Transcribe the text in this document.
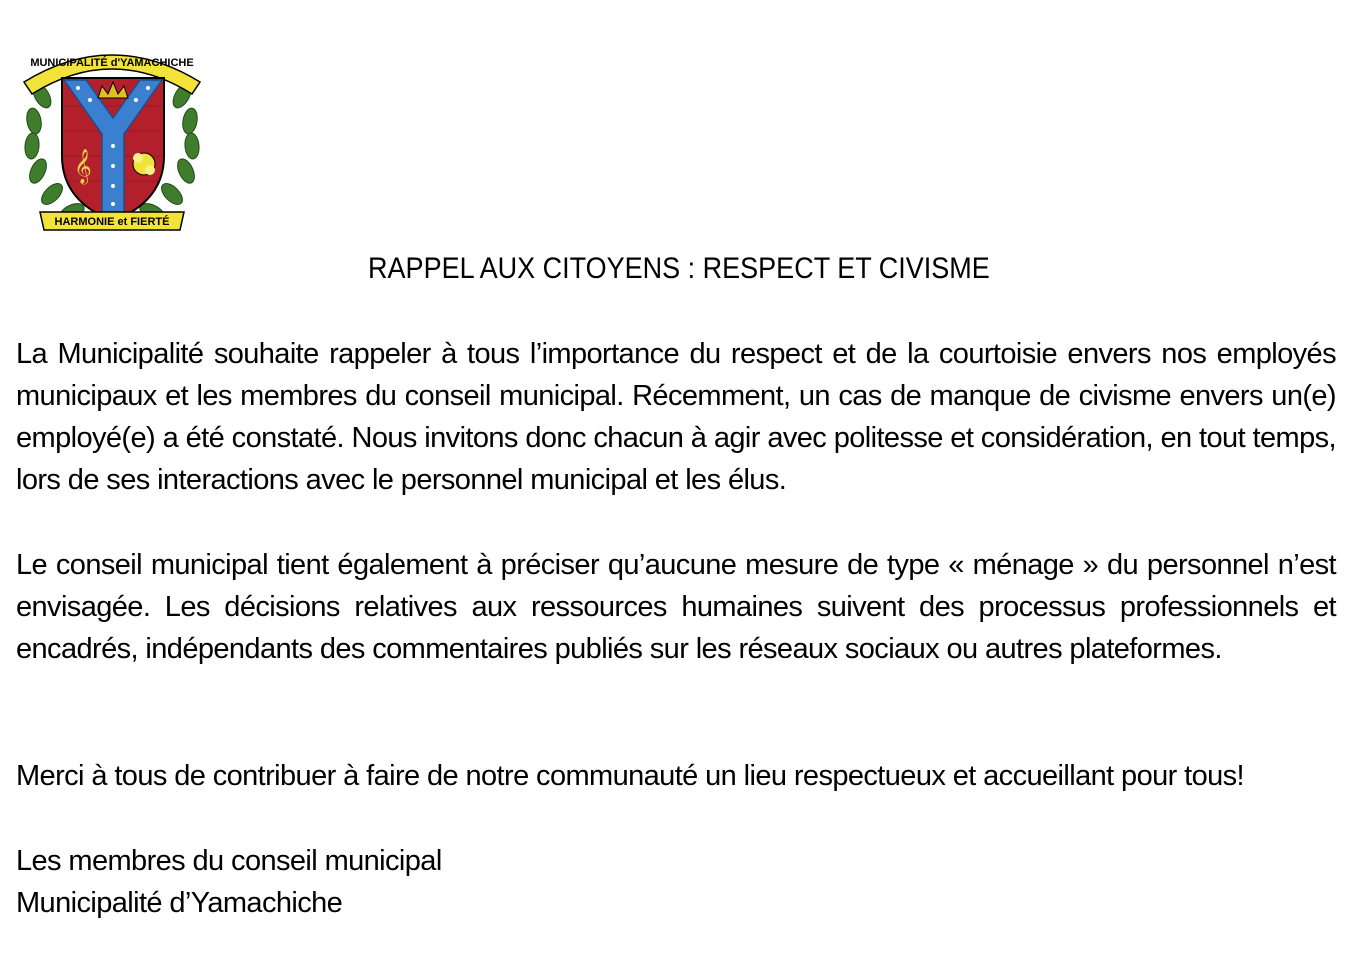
𝄞
MUNICIPALITÉ d'YAMACHICHE
HARMONIE et FIERTÉ
RAPPEL AUX CITOYENS : RESPECT ET CIVISME

La Municipalité souhaite rappeler à tous l’importance du respect et de la courtoisie envers nos employés municipaux et les membres du conseil municipal. Récemment, un cas de manque de civisme envers un(e) employé(e) a été constaté. Nous invitons donc chacun à agir avec politesse et considération, en tout temps, lors de ses interactions avec le personnel municipal et les élus.

Le conseil municipal tient également à préciser qu’aucune mesure de type « ménage » du personnel n’est envisagée. Les décisions relatives aux ressources humaines suivent des processus professionnels et encadrés, indépendants des commentaires publiés sur les réseaux sociaux ou autres plateformes.

Merci à tous de contribuer à faire de notre communauté un lieu respectueux et accueillant pour tous!

Les membres du conseil municipal
Municipalité d’Yamachiche
